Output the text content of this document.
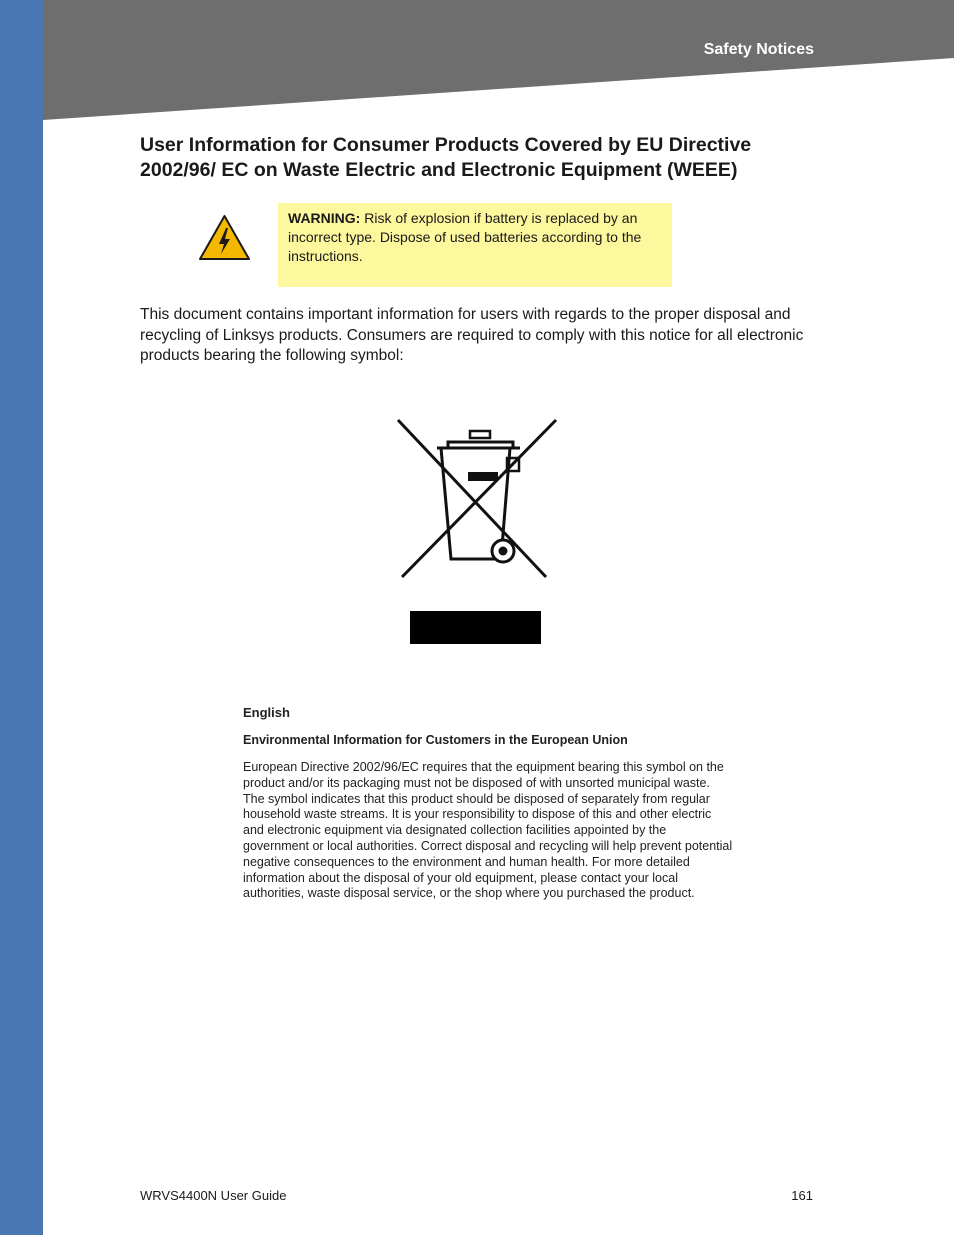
Safety Notices
User Information for Consumer Products Covered by EU Directive 2002/96/ EC on Waste Electric and Electronic Equipment (WEEE)
WARNING: Risk of explosion if battery is replaced by an incorrect type. Dispose of used batteries according to the instructions.
This document contains important information for users with regards to the proper disposal and recycling of Linksys products. Consumers are required to comply with this notice for all electronic products bearing the following symbol:
English
Environmental Information for Customers in the European Union
European Directive 2002/96/EC requires that the equipment bearing this symbol on the product and/or its packaging must not be disposed of with unsorted municipal waste. The symbol indicates that this product should be disposed of separately from regular household waste streams. It is your responsibility to dispose of this and other electric and electronic equipment via designated collection facilities appointed by the government or local authorities. Correct disposal and recycling will help prevent potential negative consequences to the environment and human health. For more detailed information about the disposal of your old equipment, please contact your local authorities, waste disposal service, or the shop where you purchased the product.
WRVS4400N User Guide	161
